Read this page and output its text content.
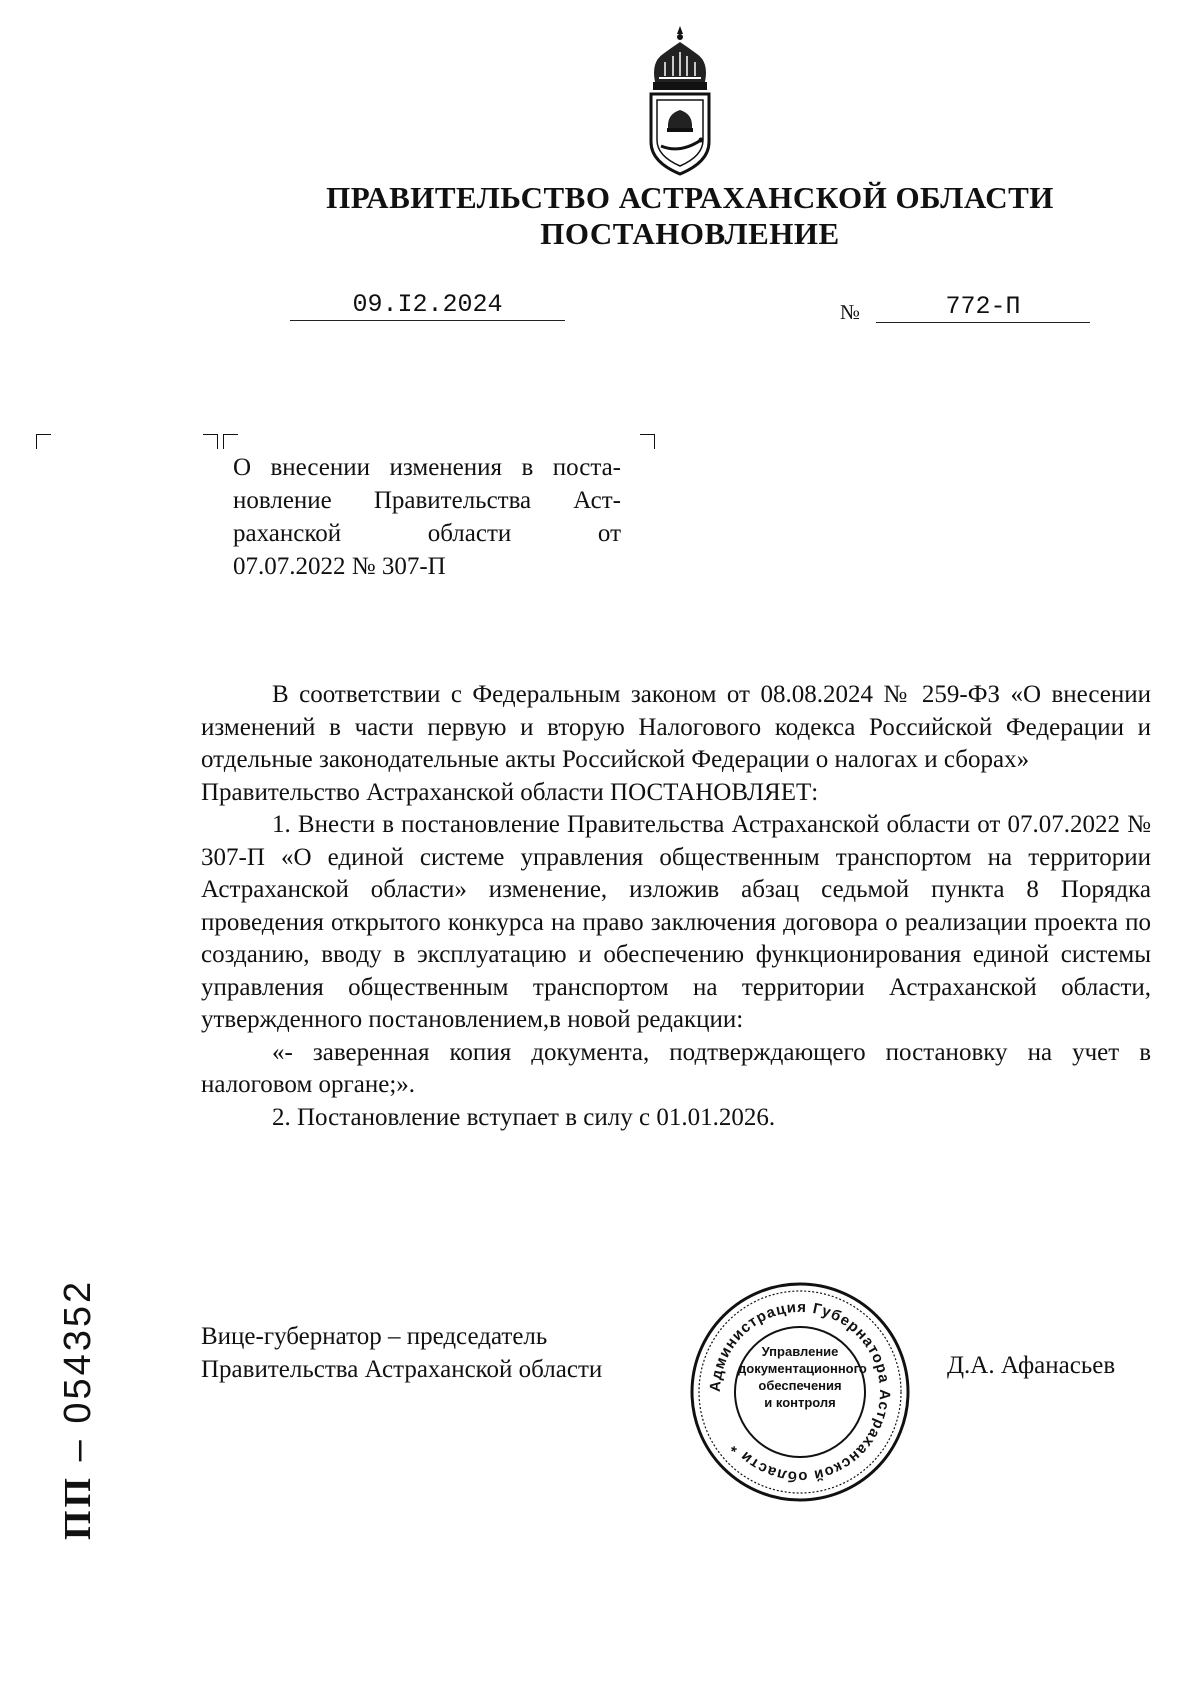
ПРАВИТЕЛЬСТВО АСТРАХАНСКОЙ ОБЛАСТИ
ПОСТАНОВЛЕНИЕ
09.I2.2024	№	772-П
О внесении изменения в поста-
новление Правительства Аст-
раханской области от
07.07.2022 № 307-П

В соответствии с Федеральным законом от 08.08.2024 № 259-ФЗ «О внесении изменений в части первую и вторую Налогового кодекса Российской Федерации и отдельные законодательные акты Российской Федерации о налогах и сборах»

Правительство Астраханской области ПОСТАНОВЛЯЕТ:

1. Внести в постановление Правительства Астраханской области от 07.07.2022 № 307-П «О единой системе управления общественным транспортом на территории Астраханской области» изменение, изложив абзац седьмой пункта 8 Порядка проведения открытого конкурса на право заключения договора о реализации проекта по созданию, вводу в эксплуатацию и обеспечению функционирования единой системы управления общественным транспортом на территории Астраханской области, утвержденного постановлением,в новой редакции:

«- заверенная копия документа, подтверждающего постановку на учет в налоговом органе;».

2. Постановление вступает в силу с 01.01.2026.

Вице-губернатор – председатель
Правительства Астраханской области	Д.А. Афанасьев
Администрация Губернатора Астраханской области *
Управление
документационного
обеспечения
и контроля
ПП – 054352
